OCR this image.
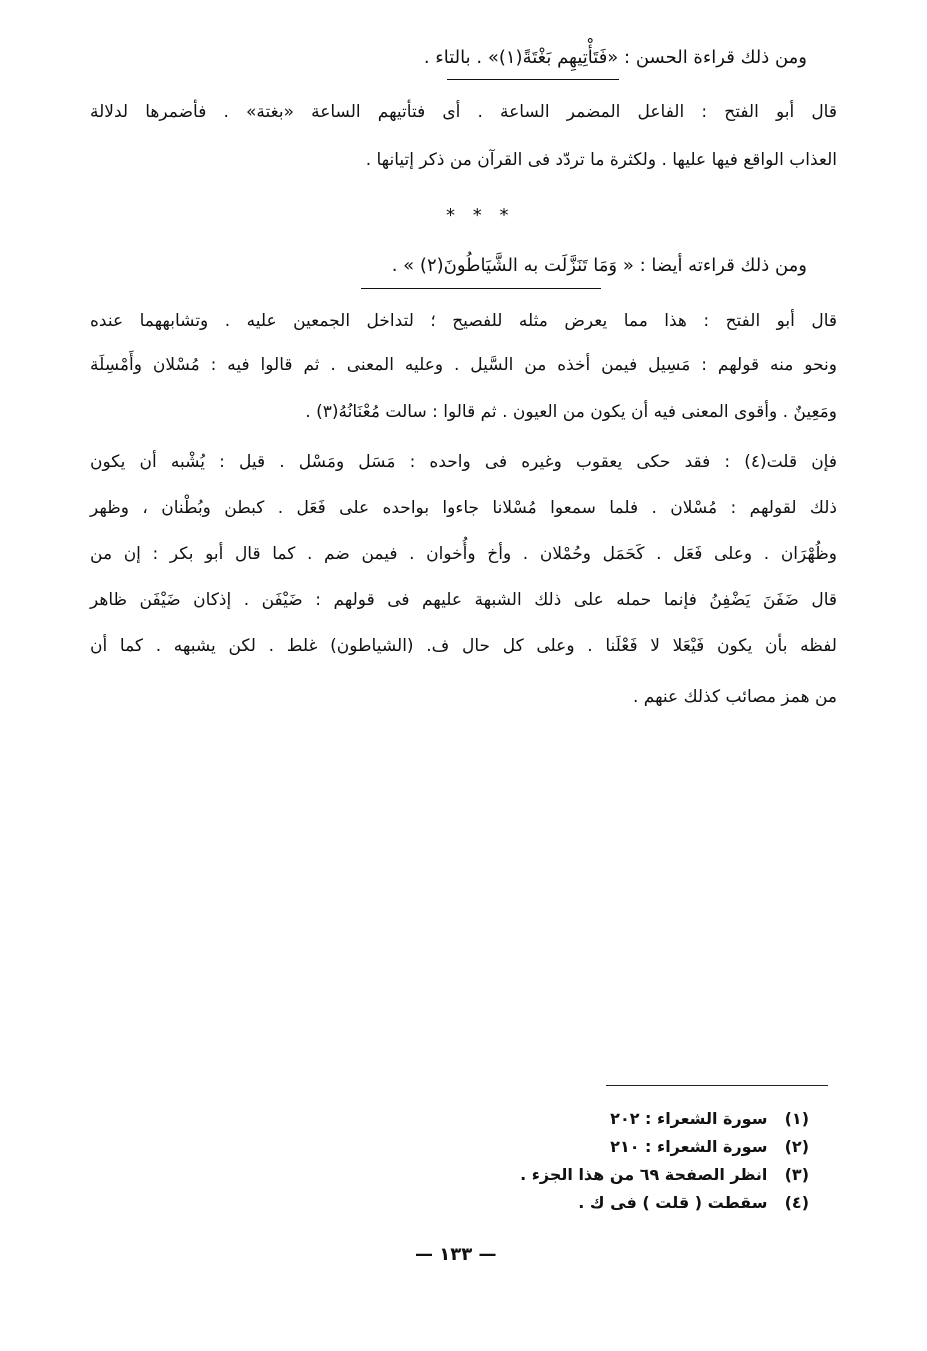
ومن ذلك قراءة الحسن : «فَتَأْتِيهِم بَغْتَةً(١)» . بالتاء .
قال أبو الفتح : الفاعل المضمر الساعة . أى فتأتيهم الساعة «بغتة» . فأضمرها لدلالة
العذاب الواقع فيها عليها . ولكثرة ما تردّد فى القرآن من ذكر إتيانها .
* * *
ومن ذلك قراءته أيضا : « وَمَا تَنَزَّلَت به الشَّيَاطُونَ(٢) » .
قال أبو الفتح : هذا مما يعرض مثله للفصيح ؛ لتداخل الجمعين عليه . وتشابههما عنده
ونحو منه قولهم : مَسِيل فيمن أخذه من السَّيل . وعليه المعنى . ثم قالوا فيه : مُسْلان وأَمْسِلَة
ومَعِينٌ . وأقوى المعنى فيه أن يكون من العيون . ثم قالوا : سالت مُعْنَانُهُ(٣) .
فإن قلت(٤) : فقد حكى يعقوب وغيره فى واحده : مَسَل ومَسْل . قيل : يُشْبه أن يكون
ذلك لقولهم : مُسْلان . فلما سمعوا مُسْلانا جاءوا بواحده على فَعَل . كبطن وبُطْنان ، وظهر
وظُهْرَان . وعلى فَعَل . كَحَمَل وحُمْلان . وأخ وأُخوان . فيمن ضم . كما قال أبو بكر : إن من
قال ضَفَنَ يَضْفِنُ فإنما حمله على ذلك الشبهة عليهم فى قولهم : ضَيْفَن . إذكان ضَيْفَن ظاهر
لفظه بأن يكون فَيْعَلا لا فَعْلَنا . وعلى كل حال ف. (الشياطون) غلط . لكن يشبهه . كما أن
من همز مصائب كذلك عنهم .
(١) سورة الشعراء : ٢٠٢
(٢) سورة الشعراء : ٢١٠
(٣) انظر الصفحة ٦٩ من هذا الجزء .
(٤) سقطت ( قلت ) فى ك .
— ١٣٣ —
